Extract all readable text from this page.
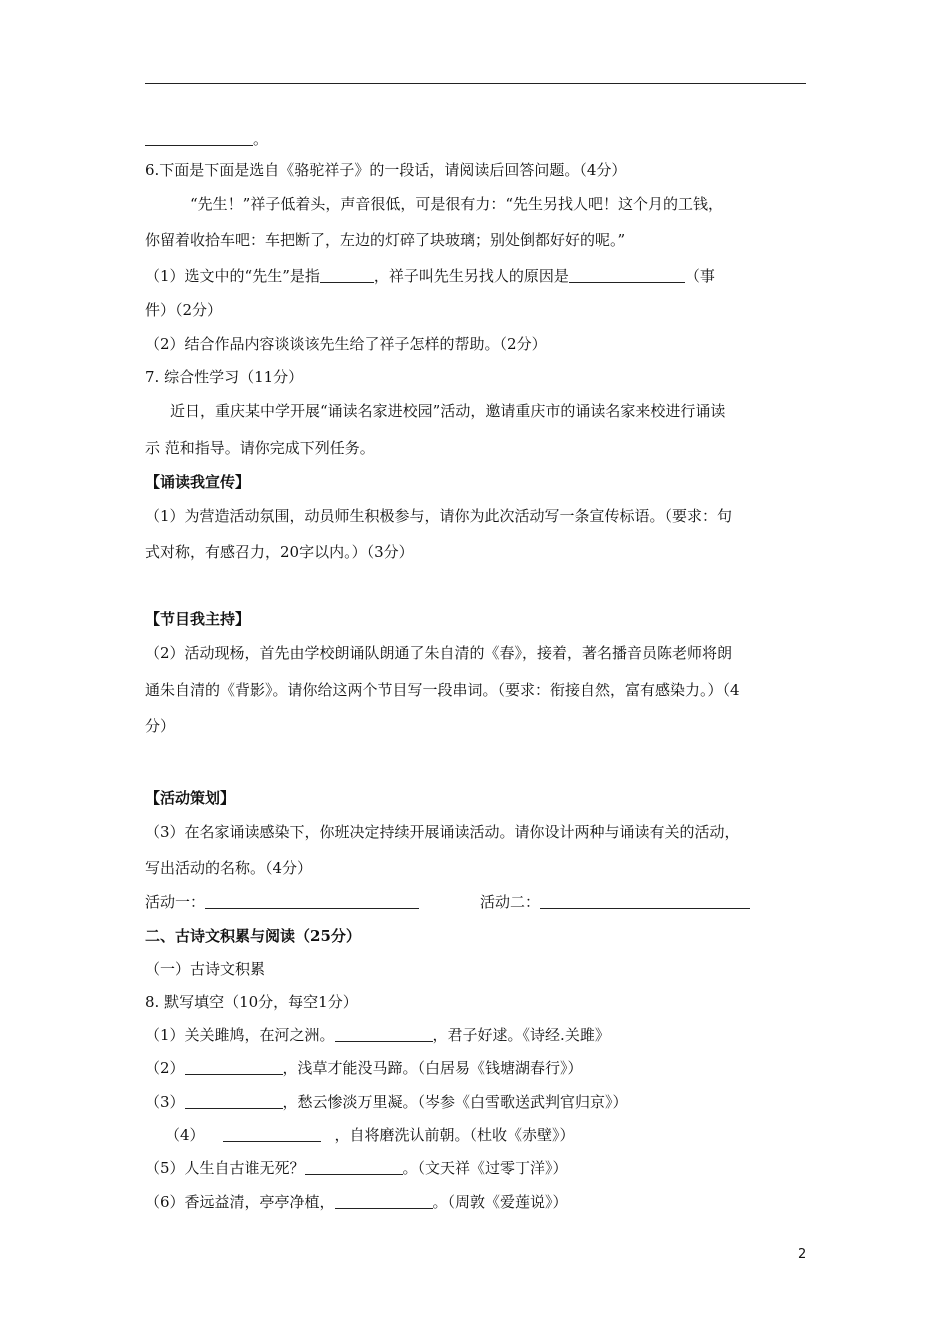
。
6.下面是下面是选自《骆驼祥子》的一段话，请阅读后回答问题。（4分）
“先生！”祥子低着头，声音很低，可是很有力：“先生另找人吧！这个月的工钱，
你留着收拾车吧：车把断了，左边的灯碎了块玻璃；别处倒都好好的呢。”
（1）选文中的“先生”是指	，祥子叫先生另找人的原因是	（事
件）（2分）
（2）结合作品内容谈谈该先生给了祥子怎样的帮助。（2分）
7. 综合性学习（11分）
近日，重庆某中学开展“诵读名家进校园”活动，邀请重庆市的诵读名家来校进行诵读
示 范和指导。请你完成下列任务。
【诵读我宣传】
（1）为营造活动氛围，动员师生积极参与，请你为此次活动写一条宣传标语。（要求：句
式对称，有感召力，20字以内。）（3分）
【节目我主持】
（2）活动现杨，首先由学校朗诵队朗通了朱自清的《春》，接着，著名播音员陈老师将朗
通朱自清的《背影》。请你给这两个节目写一段串词。（要求：衔接自然，富有感染力。）（4
分）
【活动策划】
（3）在名家诵读感染下，你班决定持续开展诵读活动。请你设计两种与诵读有关的活动，
写出活动的名称。（4分）
活动一：	活动二：
二、古诗文积累与阅读（25分）
（一）古诗文积累
8. 默写填空（10分，每空1分）
（1）关关雎鸠，在河之洲。	，君子好逑。《诗经.关雎》
（2）	，浅草才能没马蹄。（白居易《钱塘湖春行》）
（3）	，愁云惨淡万里凝。（岑参《白雪歌送武判官归京》）
（4）	，自将磨洗认前朝。（杜收《赤壁》）
（5）人生自古谁无死？	。（文天祥《过零丁洋》）
（6）香远益清，亭亭净植，	。（周敦《爱莲说》）
2
